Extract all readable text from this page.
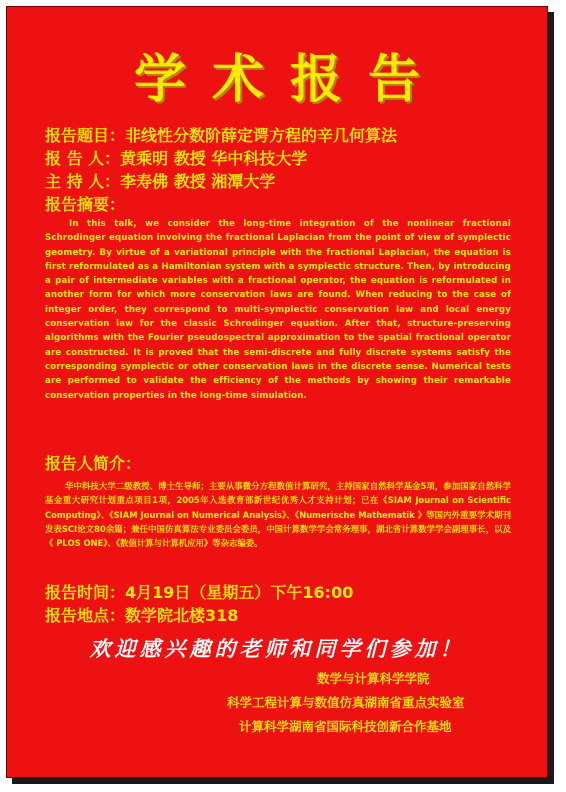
学术报告
报告题目：非线性分数阶薛定谔方程的辛几何算法
报 告 人：黄乘明 教授 华中科技大学
主 持 人：李寿佛 教授 湘潭大学
报告摘要：
In this talk, we consider the long-time integration of the nonlinear fractional Schrodinger equation involving the fractional Laplacian from the point of view of symplectic geometry. By virtue of a variational principle with the fractional Laplacian, the equation is first reformulated as a Hamiltonian system with a symplectic structure. Then, by introducing a pair of intermediate variables with a fractional operator, the equation is reformulated in another form for which more conservation laws are found. When reducing to the case of integer order, they correspond to multi-symplectic conservation law and local energy conservation law for the classic Schrodinger equation. After that, structure-preserving algorithms with the Fourier pseudospectral approximation to the spatial fractional operator are constructed. It is proved that the semi-discrete and fully discrete systems satisfy the corresponding symplectic or other conservation laws in the discrete sense. Numerical tests are performed to validate the efficiency of the methods by showing their remarkable conservation properties in the long-time simulation.
报告人简介：
华中科技大学二级教授、博士生导师；主要从事微分方程数值计算研究，主持国家自然科学基金5项，参加国家自然科学基金重大研究计划重点项目1项，2005年入选教育部新世纪优秀人才支持计划；已在《SIAM Journal on Scientific Computing》、《SIAM Journal on Numerical Analysis》、《Numerische Mathematik 》等国内外重要学术期刊发表SCI论文80余篇；兼任中国仿真算法专业委员会委员，中国计算数学学会常务理事，湖北省计算数学学会副理事长，以及《 PLOS ONE》、《数值计算与计算机应用》等杂志编委。
报告时间：4月19日（星期五）下午16:00
报告地点：数学院北楼318
欢迎感兴趣的老师和同学们参加！
数学与计算科学学院
科学工程计算与数值仿真湖南省重点实验室
计算科学湖南省国际科技创新合作基地
